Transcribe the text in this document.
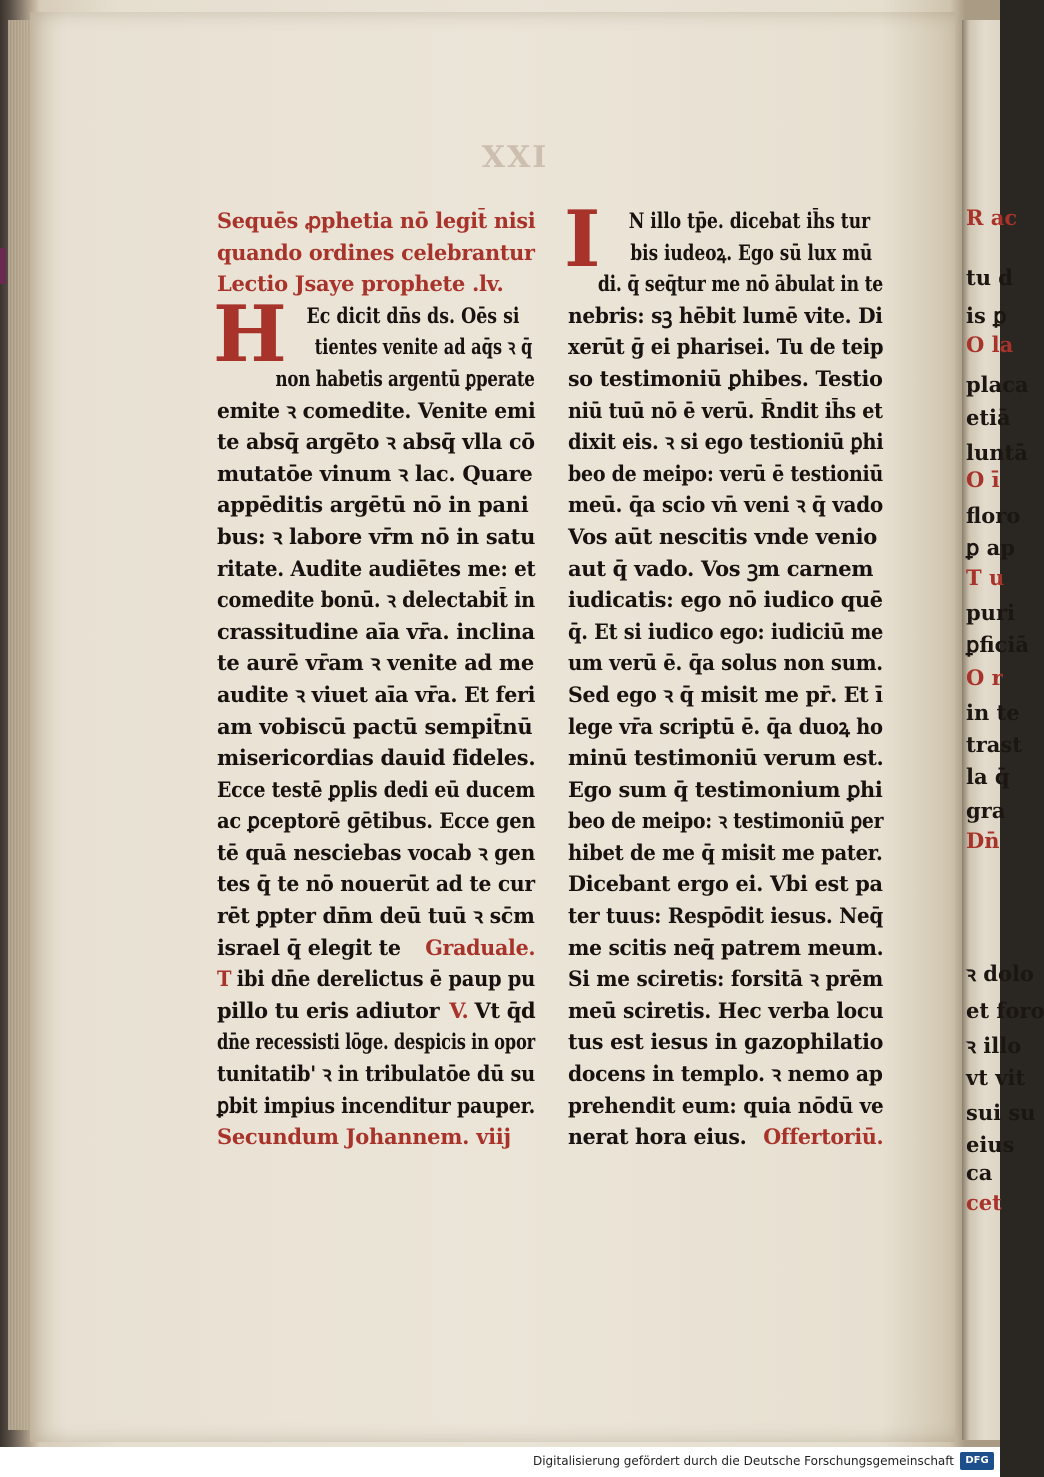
XXI
Sequēs ꝓphetia nō legit̄ nisi
quando ordines celebrantur
Lectio Jsaye prophete .lv.
H Ec dicit dn̄s ds. Oēs si
tientes venite ad aq̄s ꝛ q̄
non habetis argentū ꝑperate
emite ꝛ comedite. Venite emi
te absq̄ argēto ꝛ absq̄ vlla cō
mutatōe vinum ꝛ lac. Quare
appēditis argētū nō in pani
bus: ꝛ labore vr̄m nō in satu
ritate. Audite audiētes me: et
comedite bonū. ꝛ delectabit̄ in
crassitudine aīa vr̄a. inclina
te aurē vr̄am ꝛ venite ad me
audite ꝛ viuet aīa vr̄a. Et feri
am vobiscū pactū sempit̄nū
misericordias dauid fideles.
Ecce testē ꝑplis dedi eū ducem
ac ꝑceptorē gētibus. Ecce gen
tē quā nesciebas vocab ꝛ gen
tes q̄ te nō nouerūt ad te cur
rēt ꝑpter dn̄m deū tuū ꝛ sc̄m
israel q̄ elegit te Graduale.
T ibi dn̄e derelictus ē paup pu
pillo tu eris adiutor V. Vt q̄d
dn̄e recessisti lōge. despicis in opor
tunitatib' ꝛ in tribulatōe dū su
ꝑbit impius incenditur pauper.
Secundum Johannem. viij
I	N illo tp̄e. dicebat ih̄s tur
bis iudeoꝝ. Ego sū lux mū
di. q̄ seq̄tur me nō ābulat in te
nebris: sꝫ hēbit lumē vite. Di
xerūt ḡ ei pharisei. Tu de teip
so testimoniū ꝑhibes. Testio
niū tuū nō ē verū. R̄ndit ih̄s et
dixit eis. ꝛ si ego testioniū ꝑhi
beo de meipo: verū ē testioniū
meū. q̄a scio vn̄ veni ꝛ q̄ vado
Vos aūt nescitis vnde venio
aut q̄ vado. Vos ꝫm carnem
iudicatis: ego nō iudico quē
q̄. Et si iudico ego: iudiciū me
um verū ē. q̄a solus non sum.
Sed ego ꝛ q̄ misit me pr̄. Et ī
lege vr̄a scriptū ē. q̄a duoꝝ ho
minū testimoniū verum est.
Ego sum q̄ testimonium ꝑhi
beo de meipo: ꝛ testimoniū ꝑer
hibet de me q̄ misit me pater.
Dicebant ergo ei. Vbi est pa
ter tuus: Respōdit iesus. Neq̄
me scitis neq̄ patrem meum.
Si me sciretis: forsitā ꝛ prēm
meū sciretis. Hec verba locu
tus est iesus in gazophilatio
docens in templo. ꝛ nemo ap
prehendit eum: quia nōdū ve
nerat hora eius. Offertoriū.
R ac
tu d
is ꝑ
O la
placa
etiā
luntā
O ī
floro
ꝑ ap
T u
puri
ꝑficiā
O r
in te
trast
la q̄
gra
Dn̄
ꝛ dolo
et foro
ꝛ illo
vt vit
sui su
eius
ca
cet
Digitalisierung gefördert durch die Deutsche Forschungsgemeinschaft	DFG
